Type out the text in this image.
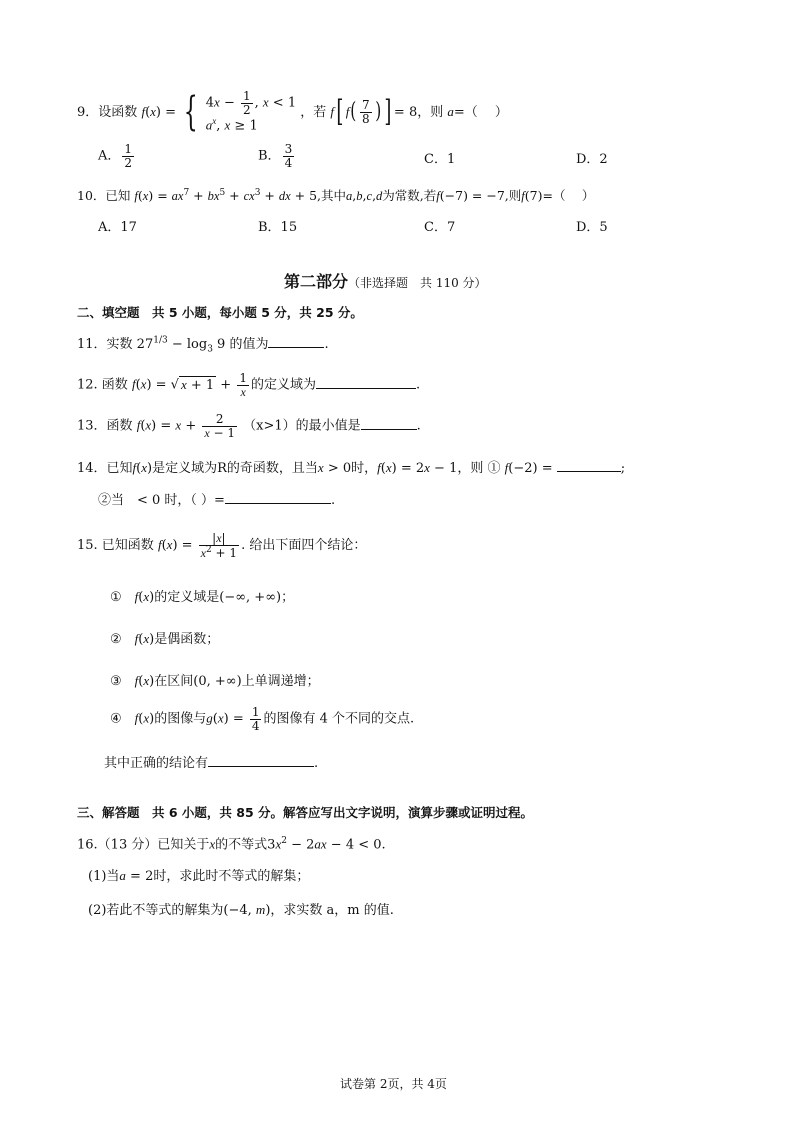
9．设函数 f(x) = { $4x - \frac{1}{2}$ , x < 1
$a^x$, x ≥ 1
，若 f[ $f( \frac{7}{8}$ ) ] = 8，则 a=（　 ）
A． $\frac{1}{2}$	B． $\frac{3}{4}$	C．1	D．2
10．已知 $f(x) = ax^7 + bx^5 + cx^3$ + dx + 5,其中a,b,c,d为常数,若f(−7) = −7,则f(7)=（　 ）
A．17	B．15	C．7	D．5
第二部分（非选择题　共 110 分）
二、填空题　共 5 小题，每小题 5 分，共 25 分。
11．实数 $27^{1/3} - \log_3 9$ 的值为	.
12. 函数 f(x) = √ $x + 1 + \frac{1}{x}$ 的定义域为	.
13．函数 $f(x) = x + \frac{2}{x - 1} (x>1)$的最小值是	.
14．已知f(x)是定义域为R的奇函数，且当x > 0时，f(x) = 2x − 1，则 ① f(−2) =	;
②当　< 0 时，（ ）=	.
15. 已知函数 $f(x) = \frac{|x|}{x^2 + 1}$ . 给出下面四个结论：
①　 f(x)的定义域是(−∞, +∞)；
②　 f(x)是偶函数；
③　 f(x)在区间(0, +∞)上单调递增；
④　 f(x)的图像与$g(x) = \frac{1}{4}$ 的图像有 4 个不同的交点.
其中正确的结论有	.
三、解答题　共 6 小题，共 85 分。解答应写出文字说明，演算步骤或证明过程。
16.（13 分）已知关于x的不等式$3x^2 - 2ax - 4 < 0$.
(1)当a = 2时，求此时不等式的解集；
(2)若此不等式的解集为(−4, m)，求实数 a，m 的值.
试卷第 2页，共 4页
